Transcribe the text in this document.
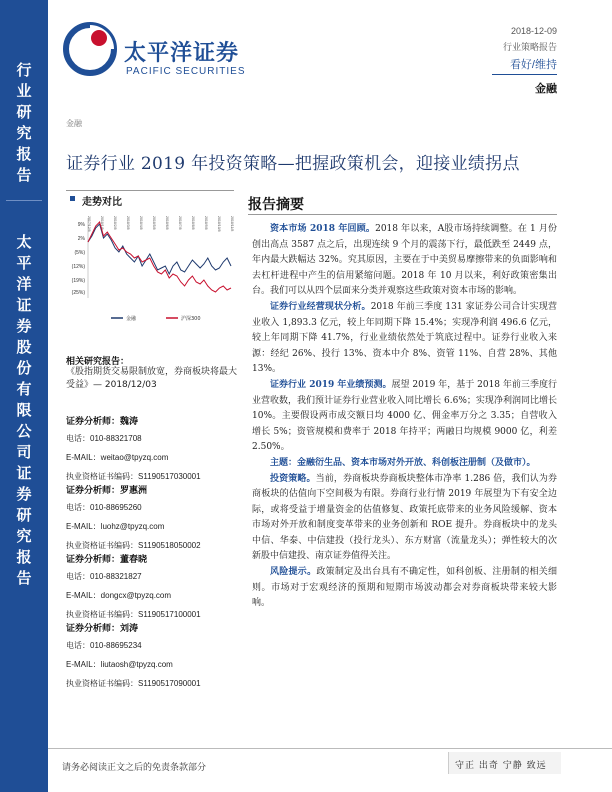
行
业
研
究
报
告
太
平
洋
证
券
股
份
有
限
公
司
证
券
研
究
报
告
太平洋证券
PACIFIC SECURITIES
2018-12-09
行业策略报告
看好/维持
金融
金融
证券行业 2019 年投资策略—把握政策机会，迎接业绩拐点
走势对比
9%
2%
(5%)
(12%)
(19%)
(25%)
2017/12/8	2018/1/8	2018/2/8	2018/3/8	2018/4/8	2018/5/8	2018/6/8	2018/7/8	2018/8/8	2018/9/8	2018/10/8	2018/11/8
金融	沪深300
相关研究报告：
《股指期货交易限制放宽，券商板块将最大受益》— 2018/12/03
证券分析师：魏涛
电话：010-88321708
E-MAIL：weitao@tpyzq.com
执业资格证书编码：S1190517030001
证券分析师：罗惠洲
电话：010-88695260
E-MAIL：luohz@tpyzq.com
执业资格证书编码：S1190518050002
证券分析师：董春晓
电话：010-88321827
E-MAIL：dongcx@tpyzq.com
执业资格证书编码：S1190517100001
证券分析师：刘涛
电话：010-88695234
E-MAIL：liutaosh@tpyzq.com
执业资格证书编码：S1190517090001
报告摘要

资本市场 2018 年回顾。2018 年以来，A股市场持续调整。在 1 月份创出高点 3587 点之后，出现连续 9 个月的震荡下行，最低跌至 2449 点，年内最大跌幅达 32%。究其原因，主要在于中美贸易摩擦带来的负面影响和去杠杆进程中产生的信用紧缩问题。2018 年 10 月以来，利好政策密集出台。我们可以从四个层面来分类并观察这些政策对资本市场的影响。

证券行业经营现状分析。2018 年前三季度 131 家证券公司合计实现营业收入 1,893.3 亿元，较上年同期下降 15.4%；实现净利润 496.6 亿元，较上年同期下降 41.7%，行业业绩依然处于筑底过程中。证券行业收入来源：经纪 26%、投行 13%、资本中介 8%、资管 11%、自营 28%、其他 13%。

证券行业 2019 年业绩预测。展望 2019 年，基于 2018 年前三季度行业营收数，我们预计证券行业营业收入同比增长 6.6%；实现净利润同比增长 10%。主要假设两市成交额日均 4000 亿、佣金率万分之 3.35；自营收入增长 5%；资管规模和费率于 2018 年持平；两融日均规模 9000 亿，利差 2.50%。

主题：金融衍生品、资本市场对外开放、科创板注册制（及做市）。

投资策略。当前，券商板块券商板块整体市净率 1.286 倍，我们认为券商板块的估值向下空间极为有限。券商行业行情 2019 年展望为下有安全边际，或将受益于增量资金的估值修复、政策托底带来的业务风险缓解、资本市场对外开放和制度变革带来的业务创新和 ROE 提升。券商板块中的龙头中信、华泰、中信建投（投行龙头）、东方财富（流量龙头）；弹性较大的次新股中信建投、南京证券值得关注。

风险提示。政策制定及出台具有不确定性，如科创板、注册制的相关细则。市场对于宏观经济的预期和短期市场波动都会对券商板块带来较大影响。

请务必阅读正文之后的免责条款部分	守正 出奇 宁静 致远
